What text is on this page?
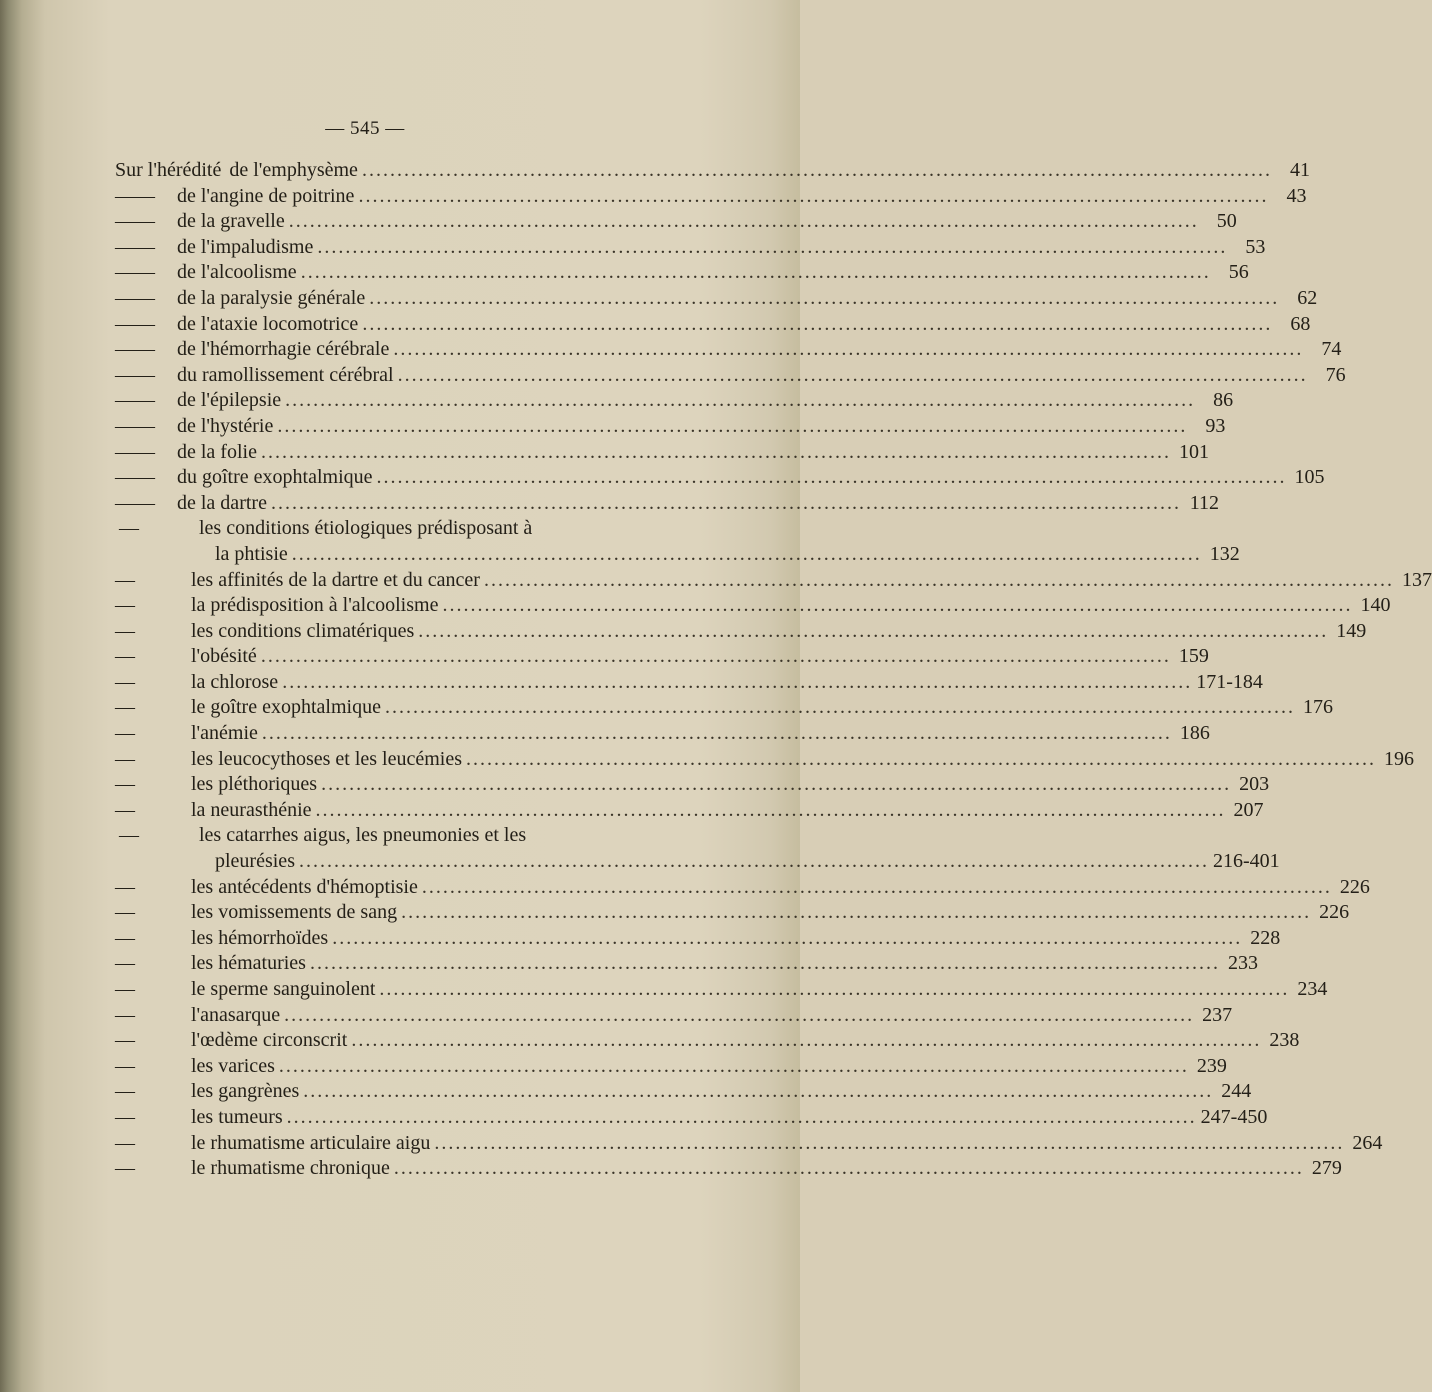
— 545 —
Sur l'hérédité de l'emphysème .....	41
— —	de l'angine de poitrine .....	43
— —	de la gravelle .....	50
— —	de l'impaludisme .....	53
— —	de l'alcoolisme .....	56
— —	de la paralysie générale .....	62
— —	de l'ataxie locomotrice .....	68
— —	de l'hémorrhagie cérébrale .....	74
— —	du ramollissement cérébral .....	76
— —	de l'épilepsie .....	86
— —	de l'hystérie .....	93
— —	de la folie .....	101
— —	du goître exophtalmique .....	105
— —	de la dartre .....	112
—	les conditions étiologiques prédisposant à
la phtisie .....	132
—	les affinités de la dartre et du cancer .....	137
—	la prédisposition à l'alcoolisme .....	140
—	les conditions climatériques .....	149
—	l'obésité .....	159
—	la chlorose .....	171-184
—	le goître exophtalmique .....	176
—	l'anémie .....	186
—	les leucocythoses et les leucémies .....	196
—	les pléthoriques .....	203
—	la neurasthénie .....	207
—	les catarrhes aigus, les pneumonies et les
pleurésies .....	216-401
—	les antécédents d'hémoptisie .....	226
—	les vomissements de sang .....	226
—	les hémorrhoïdes .....	228
—	les hématuries .....	233
—	le sperme sanguinolent .....	234
—	l'anasarque .....	237
—	l'œdème circonscrit .....	238
—	les varices .....	239
—	les gangrènes .....	244
—	les tumeurs .....	247-450
—	le rhumatisme articulaire aigu .....	264
—	le rhumatisme chronique .....	279
